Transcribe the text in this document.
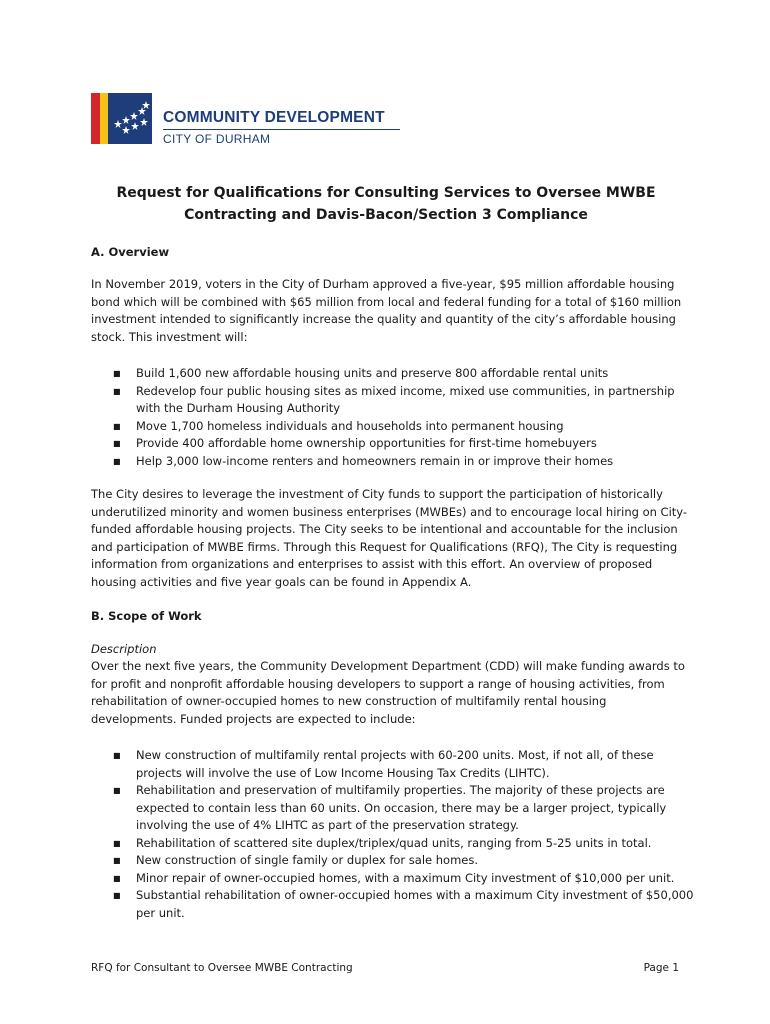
COMMUNITY DEVELOPMENT
CITY OF DURHAM
Request for Qualifications for Consulting Services to Oversee MWBE
Contracting and Davis-Bacon/Section 3 Compliance
A. Overview

In November 2019, voters in the City of Durham approved a five-year, $95 million affordable housing
bond which will be combined with $65 million from local and federal funding for a total of $160 million
investment intended to significantly increase the quality and quantity of the city’s affordable housing
stock. This investment will:

■ Build 1,600 new affordable housing units and preserve 800 affordable rental units
■ Redevelop four public housing sites as mixed income, mixed use communities, in partnership
with the Durham Housing Authority
■ Move 1,700 homeless individuals and households into permanent housing
■ Provide 400 affordable home ownership opportunities for first-time homebuyers
■ Help 3,000 low-income renters and homeowners remain in or improve their homes

The City desires to leverage the investment of City funds to support the participation of historically
underutilized minority and women business enterprises (MWBEs) and to encourage local hiring on City-
funded affordable housing projects. The City seeks to be intentional and accountable for the inclusion
and participation of MWBE firms. Through this Request for Qualifications (RFQ), The City is requesting
information from organizations and enterprises to assist with this effort. An overview of proposed
housing activities and five year goals can be found in Appendix A.

B. Scope of Work
Description

Over the next five years, the Community Development Department (CDD) will make funding awards to
for profit and nonprofit affordable housing developers to support a range of housing activities, from
rehabilitation of owner-occupied homes to new construction of multifamily rental housing
developments. Funded projects are expected to include:

■ New construction of multifamily rental projects with 60-200 units. Most, if not all, of these
projects will involve the use of Low Income Housing Tax Credits (LIHTC).
■ Rehabilitation and preservation of multifamily properties. The majority of these projects are
expected to contain less than 60 units. On occasion, there may be a larger project, typically
involving the use of 4% LIHTC as part of the preservation strategy.
■ Rehabilitation of scattered site duplex/triplex/quad units, ranging from 5-25 units in total.
■ New construction of single family or duplex for sale homes.
■ Minor repair of owner-occupied homes, with a maximum City investment of $10,000 per unit.
■ Substantial rehabilitation of owner-occupied homes with a maximum City investment of $50,000
per unit.
RFQ for Consultant to Oversee MWBE Contracting	Page 1
